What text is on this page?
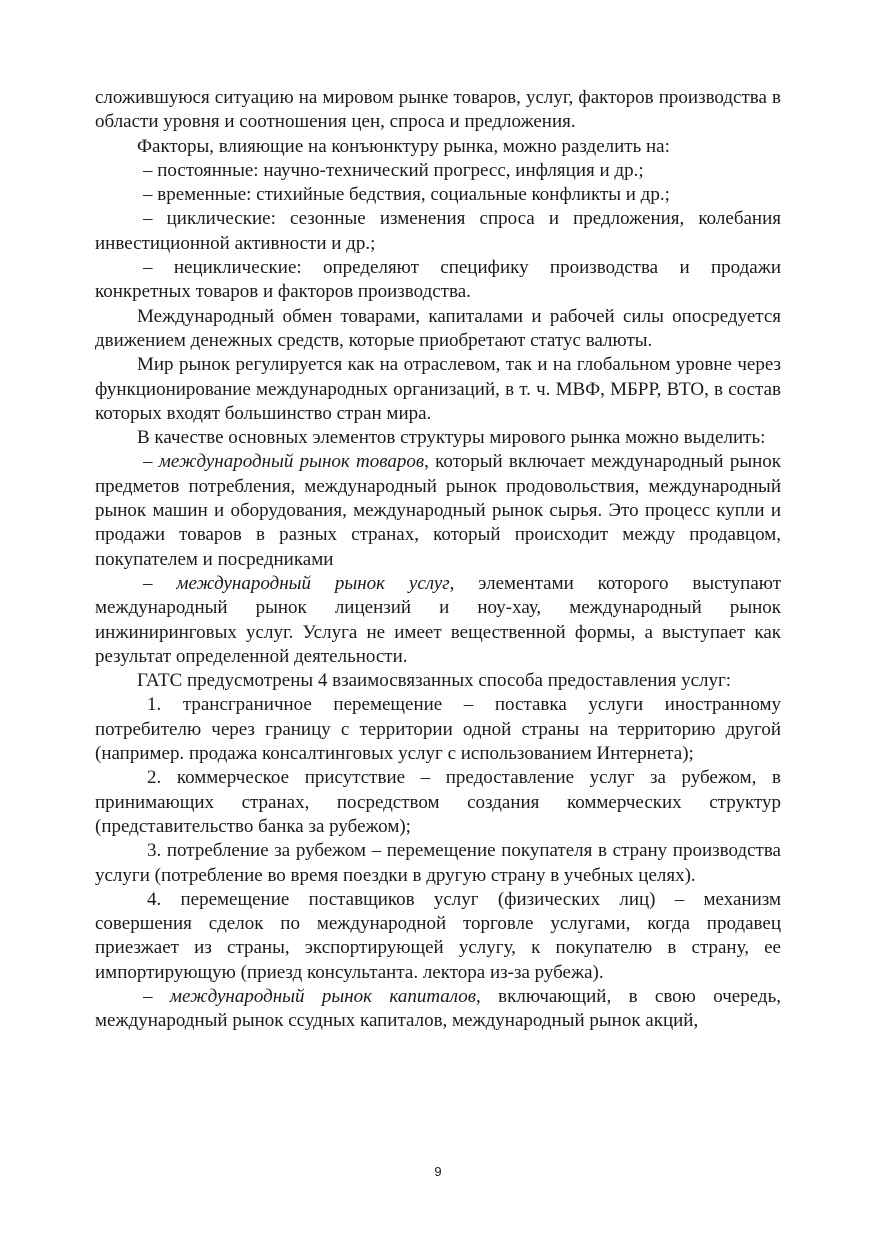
сложившуюся ситуацию на мировом рынке товаров, услуг, факторов производства в области уровня и соотношения цен, спроса и предложения.

Факторы, влияющие на конъюнктуру рынка, можно разделить на:

– постоянные: научно-технический прогресс, инфляция и др.;

– временные: стихийные бедствия, социальные конфликты и др.;

– циклические: сезонные изменения спроса и предложения, колебания инвестиционной активности и др.;

– нециклические: определяют специфику производства и продажи конкретных товаров и факторов производства.

Международный обмен товарами, капиталами и рабочей силы опосредуется движением денежных средств, которые приобретают статус валюты.

Мир рынок регулируется как на отраслевом, так и на глобальном уровне через функционирование международных организаций, в т. ч. МВФ, МБРР, ВТО, в состав которых входят большинство стран мира.

В качестве основных элементов структуры мирового рынка можно выделить:

– международный рынок товаров, который включает международный рынок предметов потребления, международный рынок продовольствия, международный рынок машин и оборудования, международный рынок сырья. Это процесс купли и продажи товаров в разных странах, который происходит между продавцом, покупателем и посредниками

– международный рынок услуг, элементами которого выступают международный рынок лицензий и ноу-хау, международный рынок инжиниринговых услуг. Услуга не имеет вещественной формы, а выступает как результат определенной деятельности.

ГАТС предусмотрены 4 взаимосвязанных способа предоставления услуг:

1. трансграничное перемещение – поставка услуги иностранному потребителю через границу с территории одной страны на территорию другой (например. продажа консалтинговых услуг с использованием Интернета);

2. коммерческое присутствие – предоставление услуг за рубежом, в принимающих странах, посредством создания коммерческих структур (представительство банка за рубежом);

3. потребление за рубежом – перемещение покупателя в страну производства услуги (потребление во время поездки в другую страну в учебных целях).

4. перемещение поставщиков услуг (физических лиц) – механизм совершения сделок по международной торговле услугами, когда продавец приезжает из страны, экспортирующей услугу, к покупателю в страну, ее импортирующую (приезд консультанта. лектора из-за рубежа).

– международный рынок капиталов, включающий, в свою очередь, международный рынок ссудных капиталов, международный рынок акций,

9
